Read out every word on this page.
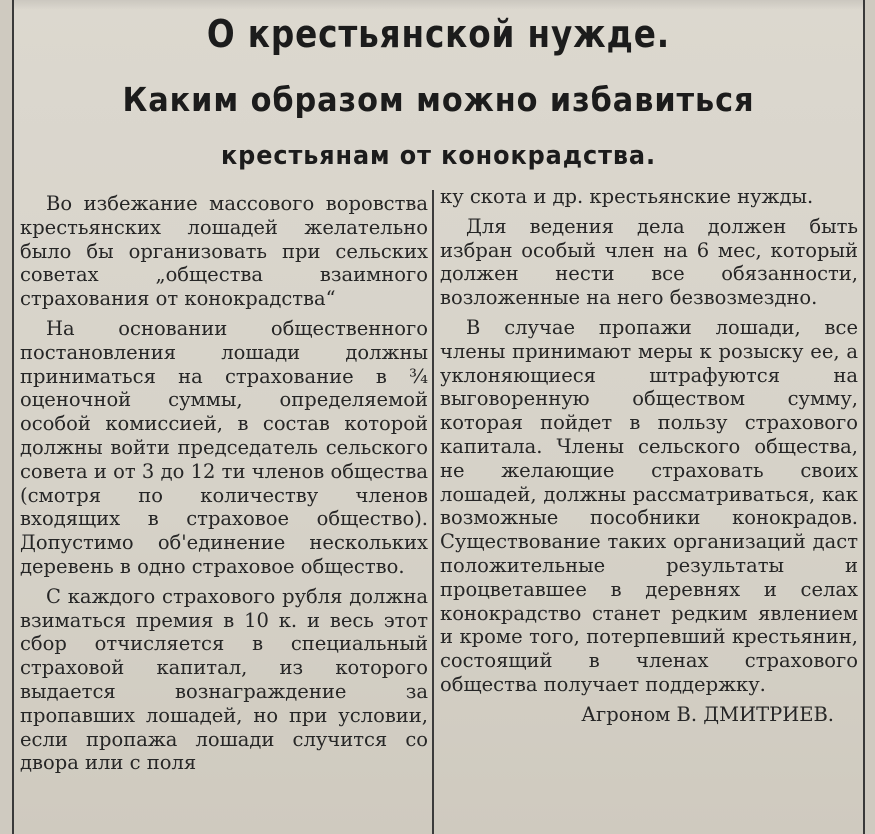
О крестьянской нужде.
Каким образом можно избавиться
крестьянам от конокрадства.

Во избежание массового воровства крестьянских лошадей желательно было бы организовать при сельских советах „общества взаимного страхования от конокрадства“

На основании общественного постановления лошади должны приниматься на страхование в ¾ оценочной суммы, определяемой особой комиссией, в состав которой должны войти председатель сельского совета и от 3 до 12 ти членов общества (смотря по количеству членов входящих в страховое общество). Допустимо об'единение нескольких деревень в одно страховое общество.

С каждого страхового рубля должна взиматься премия в 10 к. и весь этот сбор отчисляется в специальный страховой капитал, из которого выдается вознаграждение за пропавших лошадей, но при условии, если пропажа лошади случится со двора или с поля

ку скота и др. крестьянские нужды.

Для ведения дела должен быть избран особый член на 6 мес, который должен нести все обязанности, возложенные на него безвозмездно.

В случае пропажи лошади, все члены принимают меры к розыску ее, а уклоняющиеся штрафуются на выговоренную обществом сумму, которая пойдет в пользу страхового капитала. Члены сельского общества, не желающие страховать своих лошадей, должны рассматриваться, как возможные пособники конокрадов. Существование таких организаций даст положительные результаты и процветавшее в деревнях и селах конокрадство станет редким явлением и кроме того, потерпевший крестьянин, состоящий в членах страхового общества получает поддержку.

Агроном В. ДМИТРИЕВ.
